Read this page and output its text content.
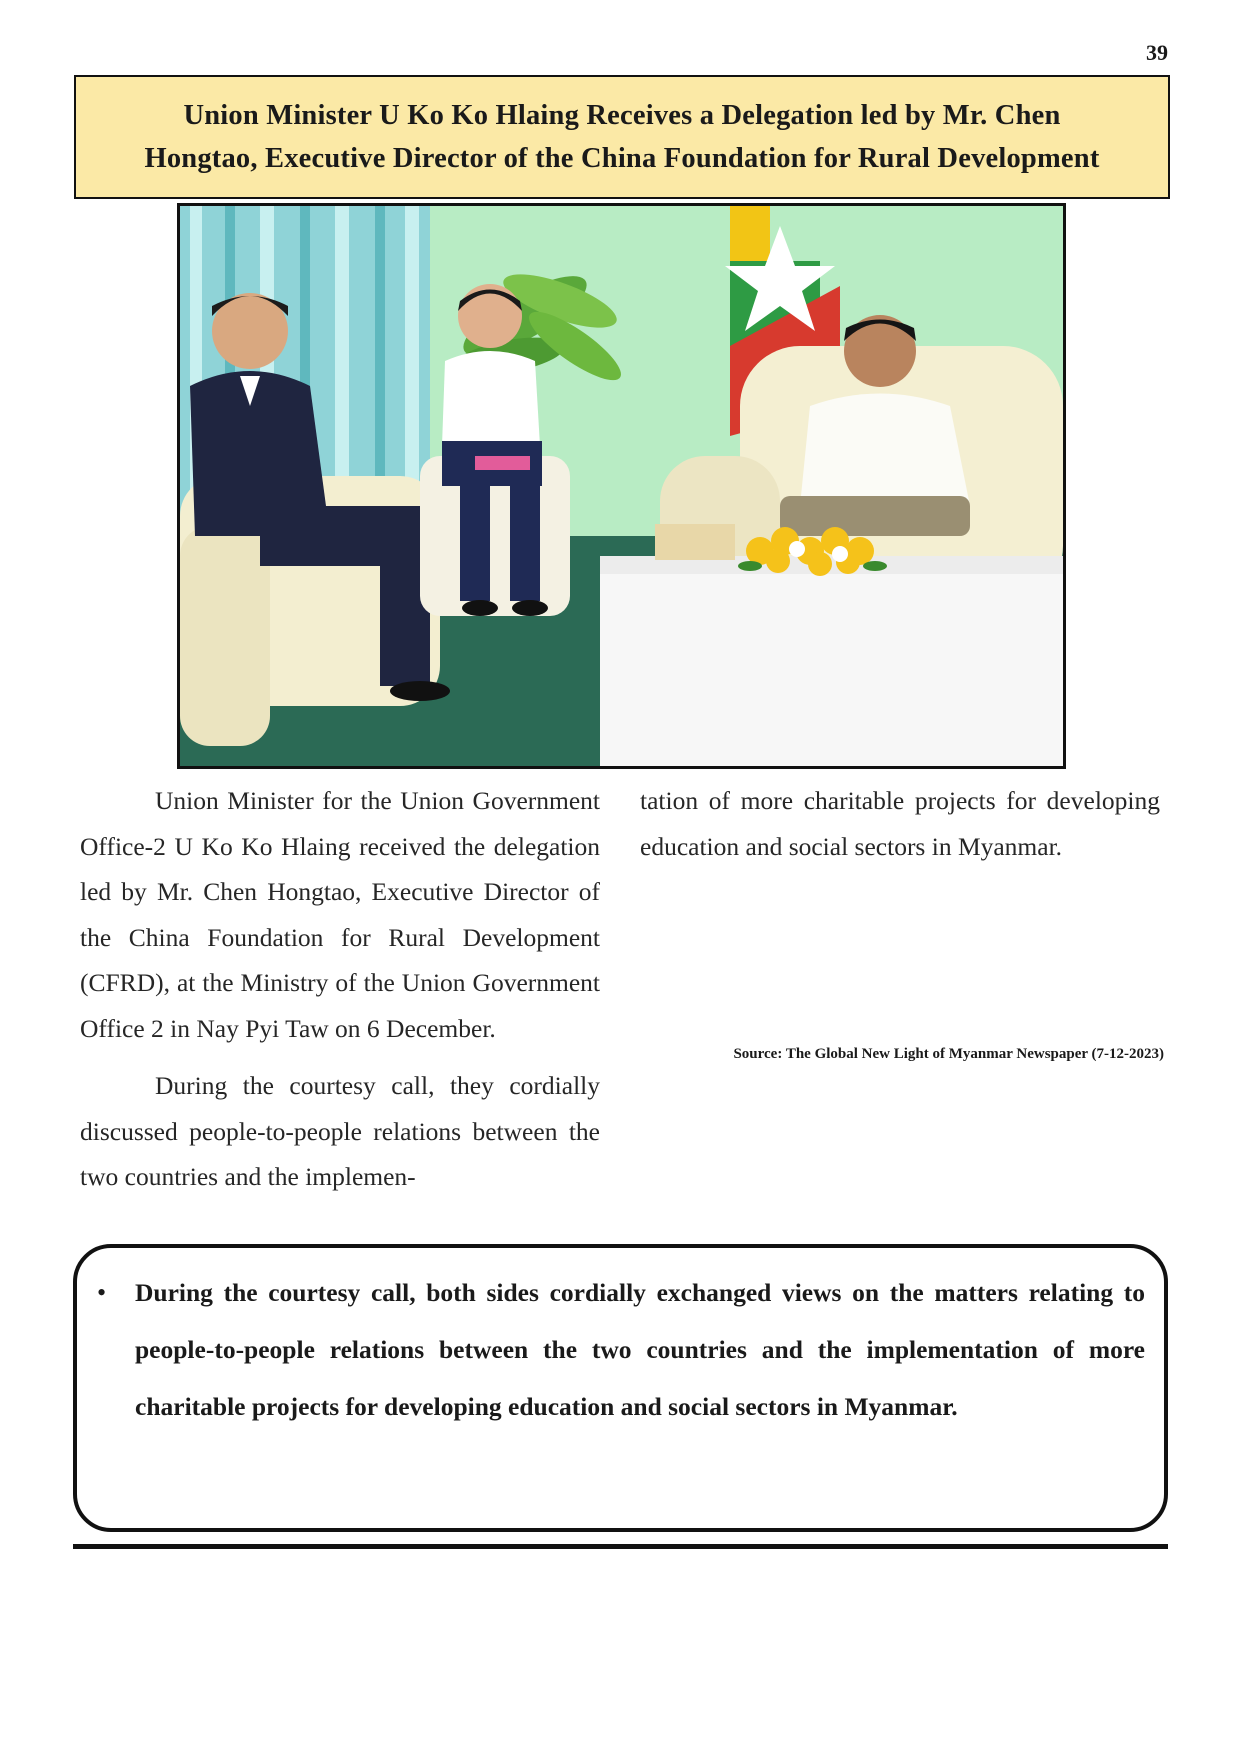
39
Union Minister U Ko Ko Hlaing Receives a Delegation led by Mr. Chen
Hongtao, Executive Director of the China Foundation for Rural Development

Union Minister for the Union Government Office-2 U Ko Ko Hlaing received the delegation led by Mr. Chen Hongtao, Executive Director of the China Foundation for Rural Development (CFRD), at the Ministry of the Union Government Office 2 in Nay Pyi Taw on 6 December.

During the courtesy call, they cordially discussed people-to-people relations between the two countries and the implemen-

tation of more charitable projects for developing education and social sectors in Myanmar.

Source: The Global New Light of Myanmar Newspaper (7-12-2023)
• During the courtesy call, both sides cordially exchanged views on the matters relating to people-to-people relations between the two countries and the implementation of more charitable projects for developing education and social sectors in Myanmar.
